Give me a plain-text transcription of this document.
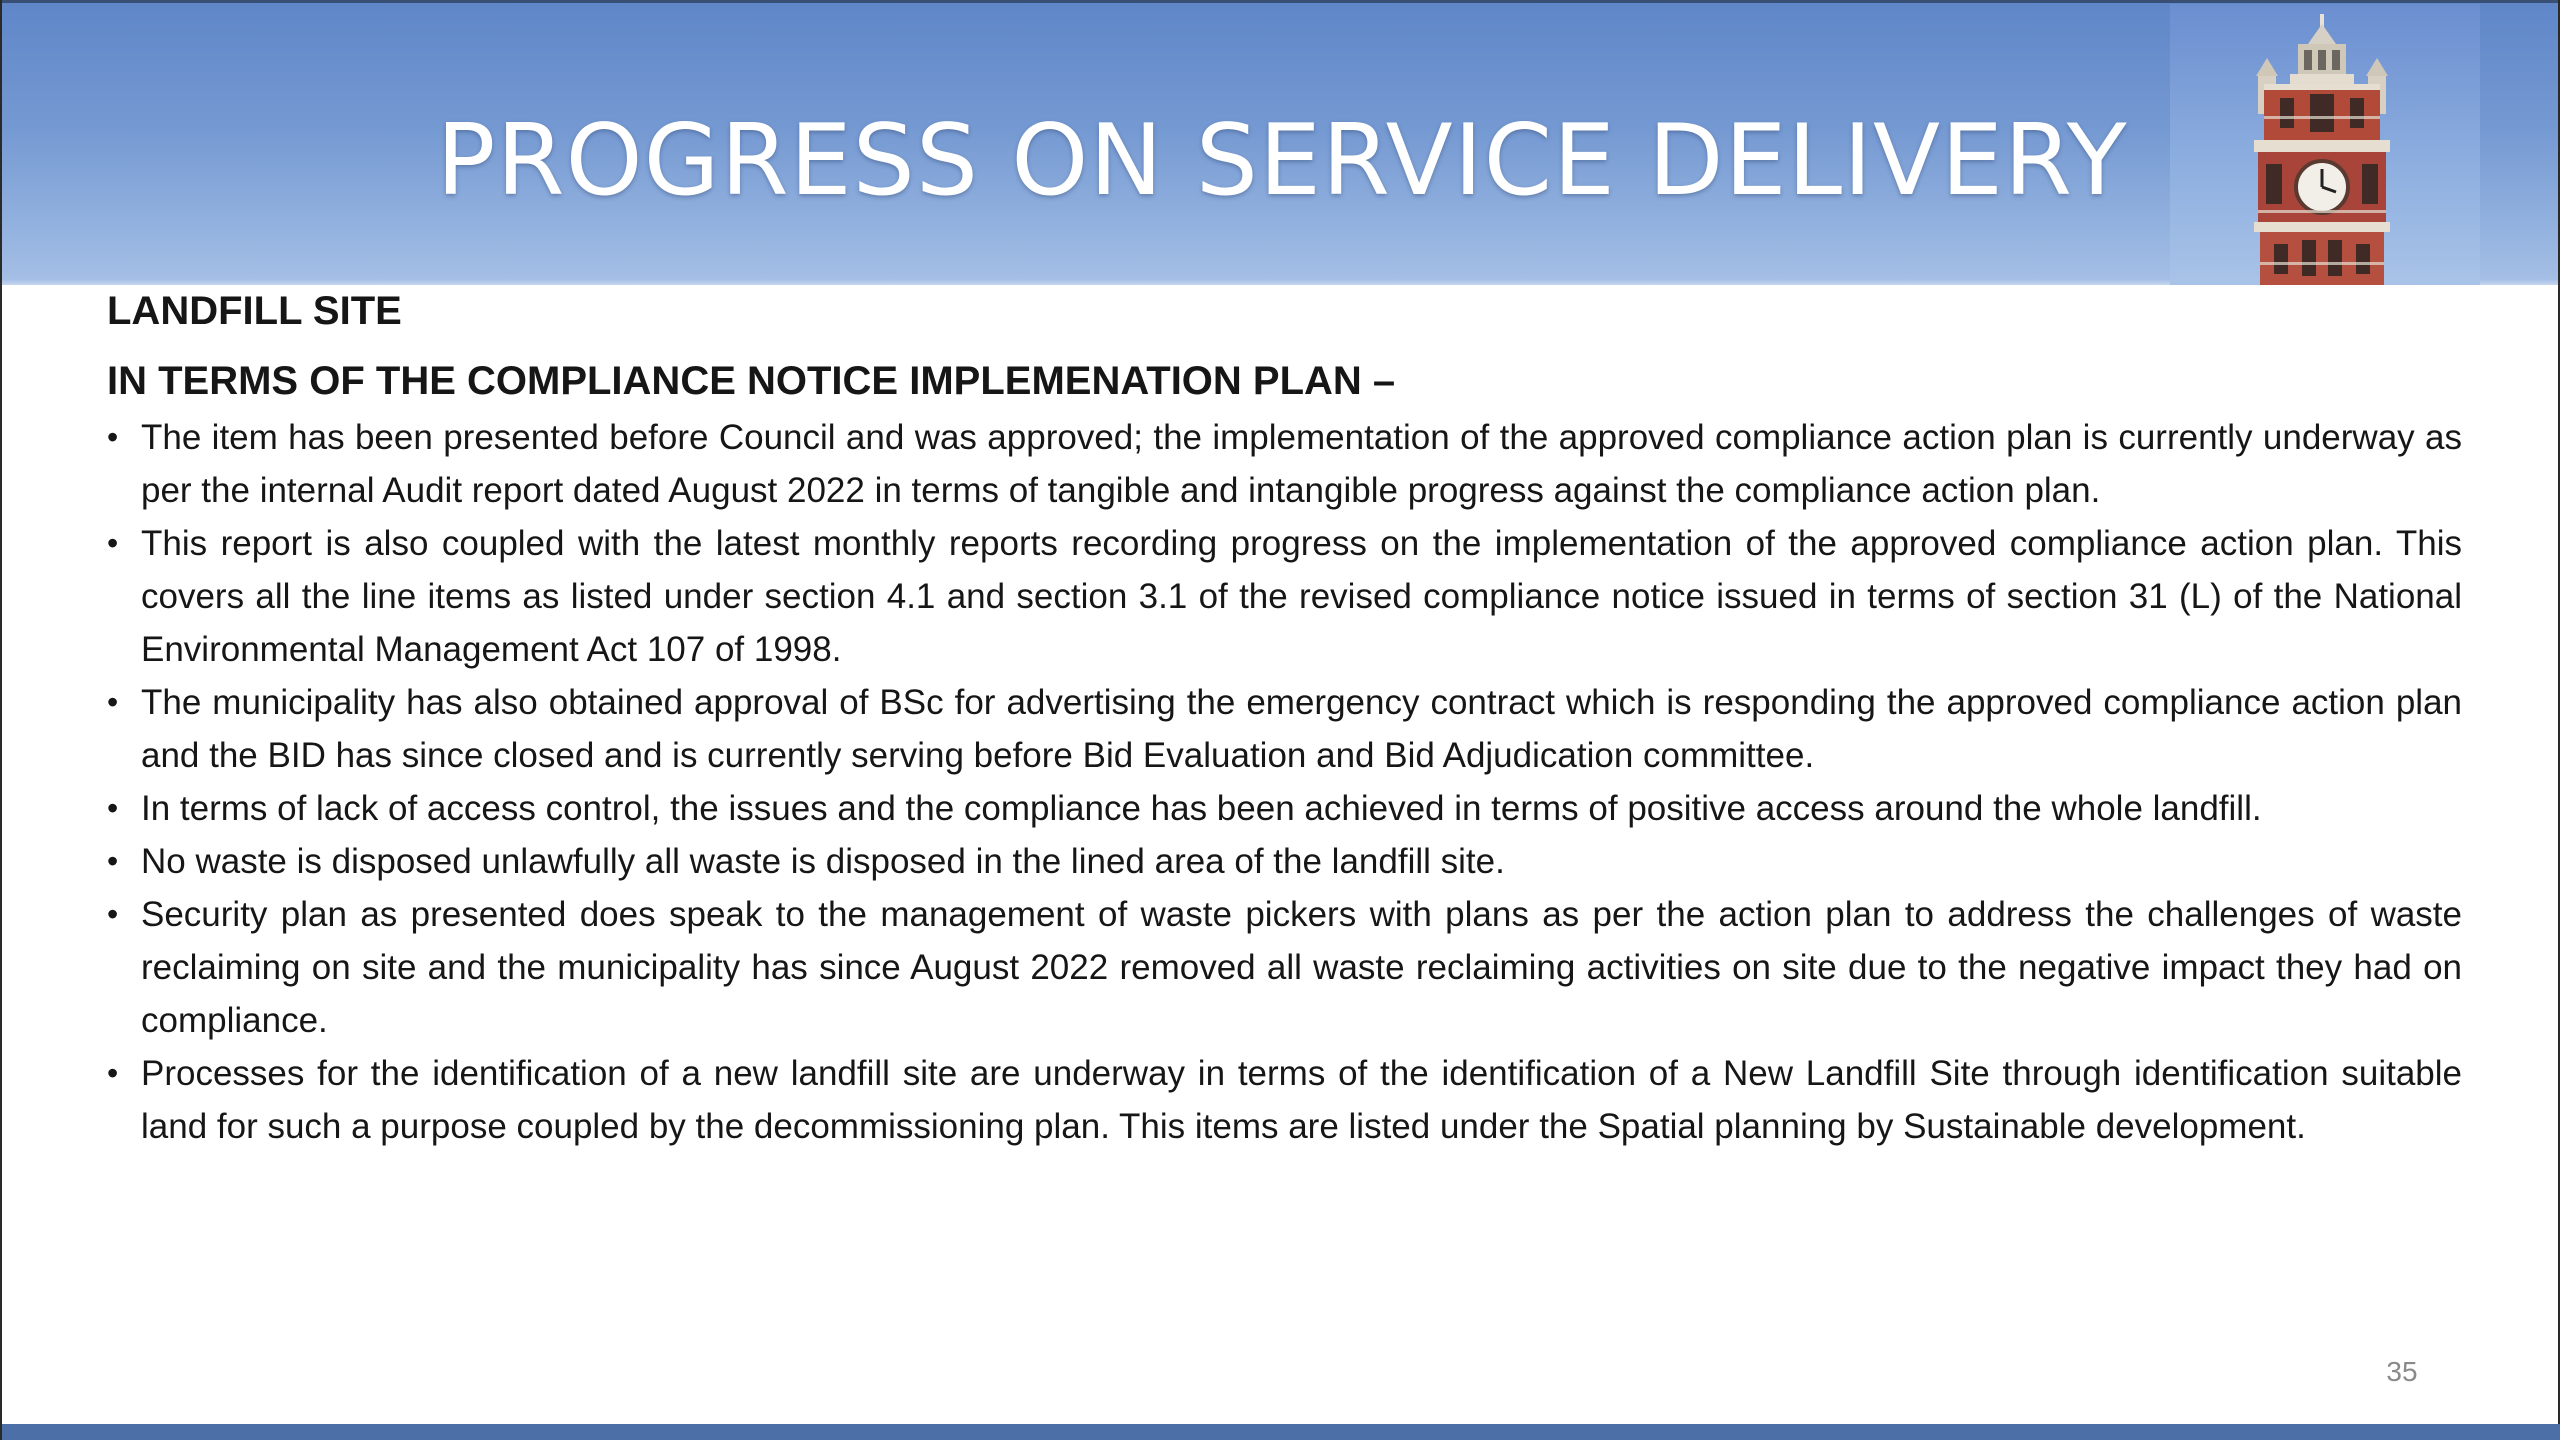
PROGRESS ON SERVICE DELIVERY
LANDFILL SITE
IN TERMS OF THE COMPLIANCE NOTICE IMPLEMENATION PLAN –
• The item has been presented before Council and was approved; the implementation of the approved compliance action plan is currently underway as per the internal Audit report dated August 2022 in terms of tangible and intangible progress against the compliance action plan.
• This report is also coupled with the latest monthly reports recording progress on the implementation of the approved compliance action plan. This covers all the line items as listed under section 4.1 and section 3.1 of the revised compliance notice issued in terms of section 31 (L) of the National Environmental Management Act 107 of 1998.
• The municipality has also obtained approval of BSc for advertising the emergency contract which is responding the approved compliance action plan and the BID has since closed and is currently serving before Bid Evaluation and Bid Adjudication committee.
• In terms of lack of access control, the issues and the compliance has been achieved in terms of positive access around the whole landfill.
• No waste is disposed unlawfully all waste is disposed in the lined area of the landfill site.
• Security plan as presented does speak to the management of waste pickers with plans as per the action plan to address the challenges of waste reclaiming on site and the municipality has since August 2022 removed all waste reclaiming activities on site due to the negative impact they had on compliance.
• Processes for the identification of a new landfill site are underway in terms of the identification of a New Landfill Site through identification suitable land for such a purpose coupled by the decommissioning plan. This items are listed under the Spatial planning by Sustainable development.
35
